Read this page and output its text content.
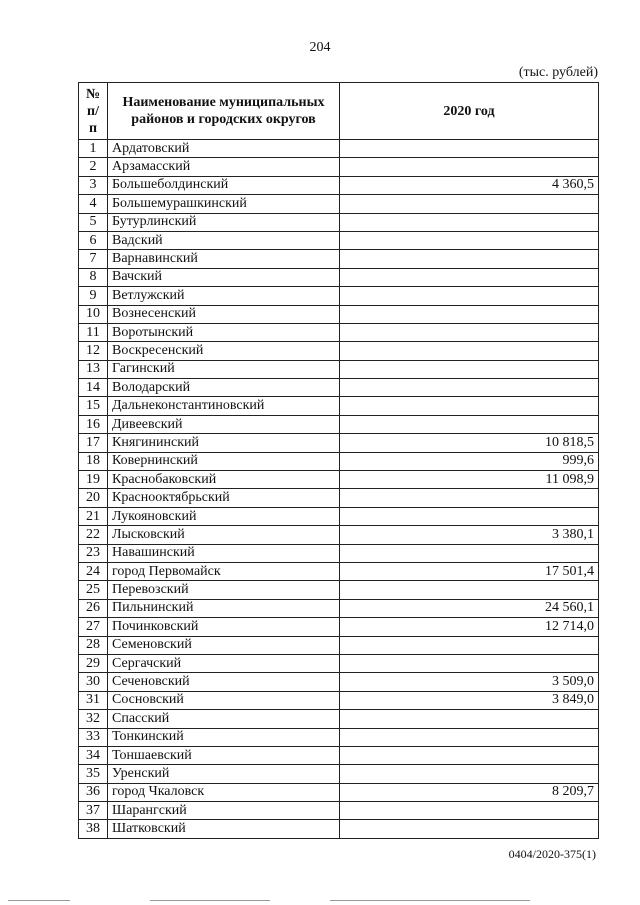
204
(тыс. рублей)
№ п/п	Наименование муниципальных районов и городских округов	2020 год
1	Ардатовский	
2	Арзамасский	
3	Большеболдинский	4 360,5
4	Большемурашкинский	
5	Бутурлинский	
6	Вадский	
7	Варнавинский	
8	Вачский	
9	Ветлужский	
10	Вознесенский	
11	Воротынский	
12	Воскресенский	
13	Гагинский	
14	Володарский	
15	Дальнеконстантиновский	
16	Дивеевский	
17	Княгининский	10 818,5
18	Ковернинский	999,6
19	Краснобаковский	11 098,9
20	Краснооктябрьский	
21	Лукояновский	
22	Лысковский	3 380,1
23	Навашинский	
24	город Первомайск	17 501,4
25	Перевозский	
26	Пильнинский	24 560,1
27	Починковский	12 714,0
28	Семеновский	
29	Сергачский	
30	Сеченовский	3 509,0
31	Сосновский	3 849,0
32	Спасский	
33	Тонкинский	
34	Тоншаевский	
35	Уренский	
36	город Чкаловск	8 209,7
37	Шарангский	
38	Шатковский	
0404/2020-375(1)
